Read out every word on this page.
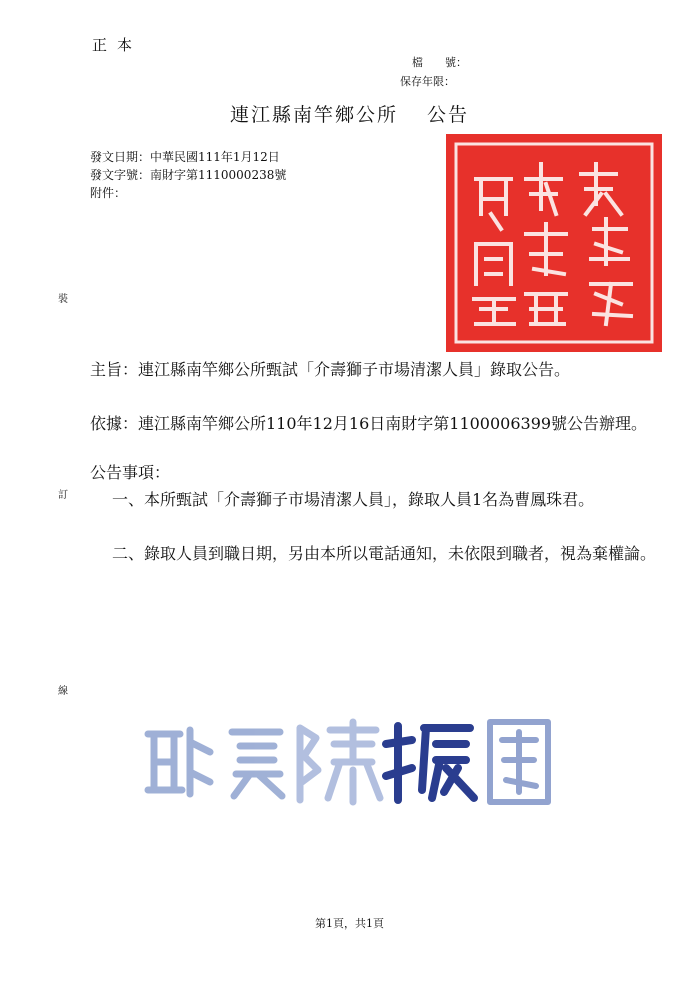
正本
檔　　號：
保存年限：
連江縣南竿鄉公所　 公告
發文日期：中華民國111年1月12日
發文字號：南財字第1110000238號
附件：
裝
訂
線
主旨：連江縣南竿鄉公所甄試「介壽獅子市場清潔人員」錄取公告。
依據：連江縣南竿鄉公所110年12月16日南財字第1100006399號公告辦理。
公告事項：
一、本所甄試「介壽獅子市場清潔人員」，錄取人員1名為曹鳳珠君。
二、錄取人員到職日期，另由本所以電話通知，未依限到職者，視為棄權論。
第1頁，共1頁
